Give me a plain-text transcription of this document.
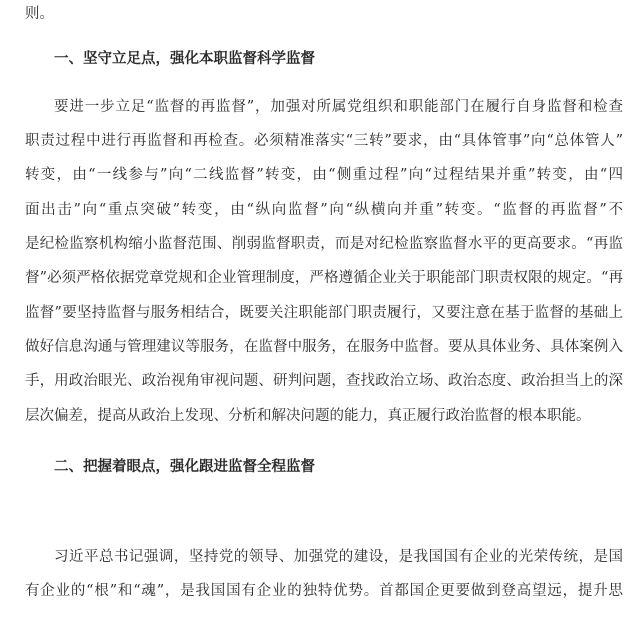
则。
一、坚守立足点，强化本职监督科学监督
要进一步立足“监督的再监督”，加强对所属党组织和职能部门在履行自身监督和检查
职责过程中进行再监督和再检查。必须精准落实“三转”要求，由“具体管事”向“总体管人”
转变，由“一线参与”向“二线监督”转变，由“侧重过程”向“过程结果并重”转变，由“四
面出击”向“重点突破”转变，由“纵向监督”向“纵横向并重”转变。“监督的再监督”不
是纪检监察机构缩小监督范围、削弱监督职责，而是对纪检监察监督水平的更高要求。“再监
督”必须严格依据党章党规和企业管理制度，严格遵循企业关于职能部门职责权限的规定。“再
监督”要坚持监督与服务相结合，既要关注职能部门职责履行，又要注意在基于监督的基础上
做好信息沟通与管理建议等服务，在监督中服务，在服务中监督。要从具体业务、具体案例入
手，用政治眼光、政治视角审视问题、研判问题，查找政治立场、政治态度、政治担当上的深
层次偏差，提高从政治上发现、分析和解决问题的能力，真正履行政治监督的根本职能。
二、把握着眼点，强化跟进监督全程监督
习近平总书记强调，坚持党的领导、加强党的建设，是我国国有企业的光荣传统，是国
有企业的“根”和“魂”，是我国国有企业的独特优势。首都国企更要做到登高望远，提升思
